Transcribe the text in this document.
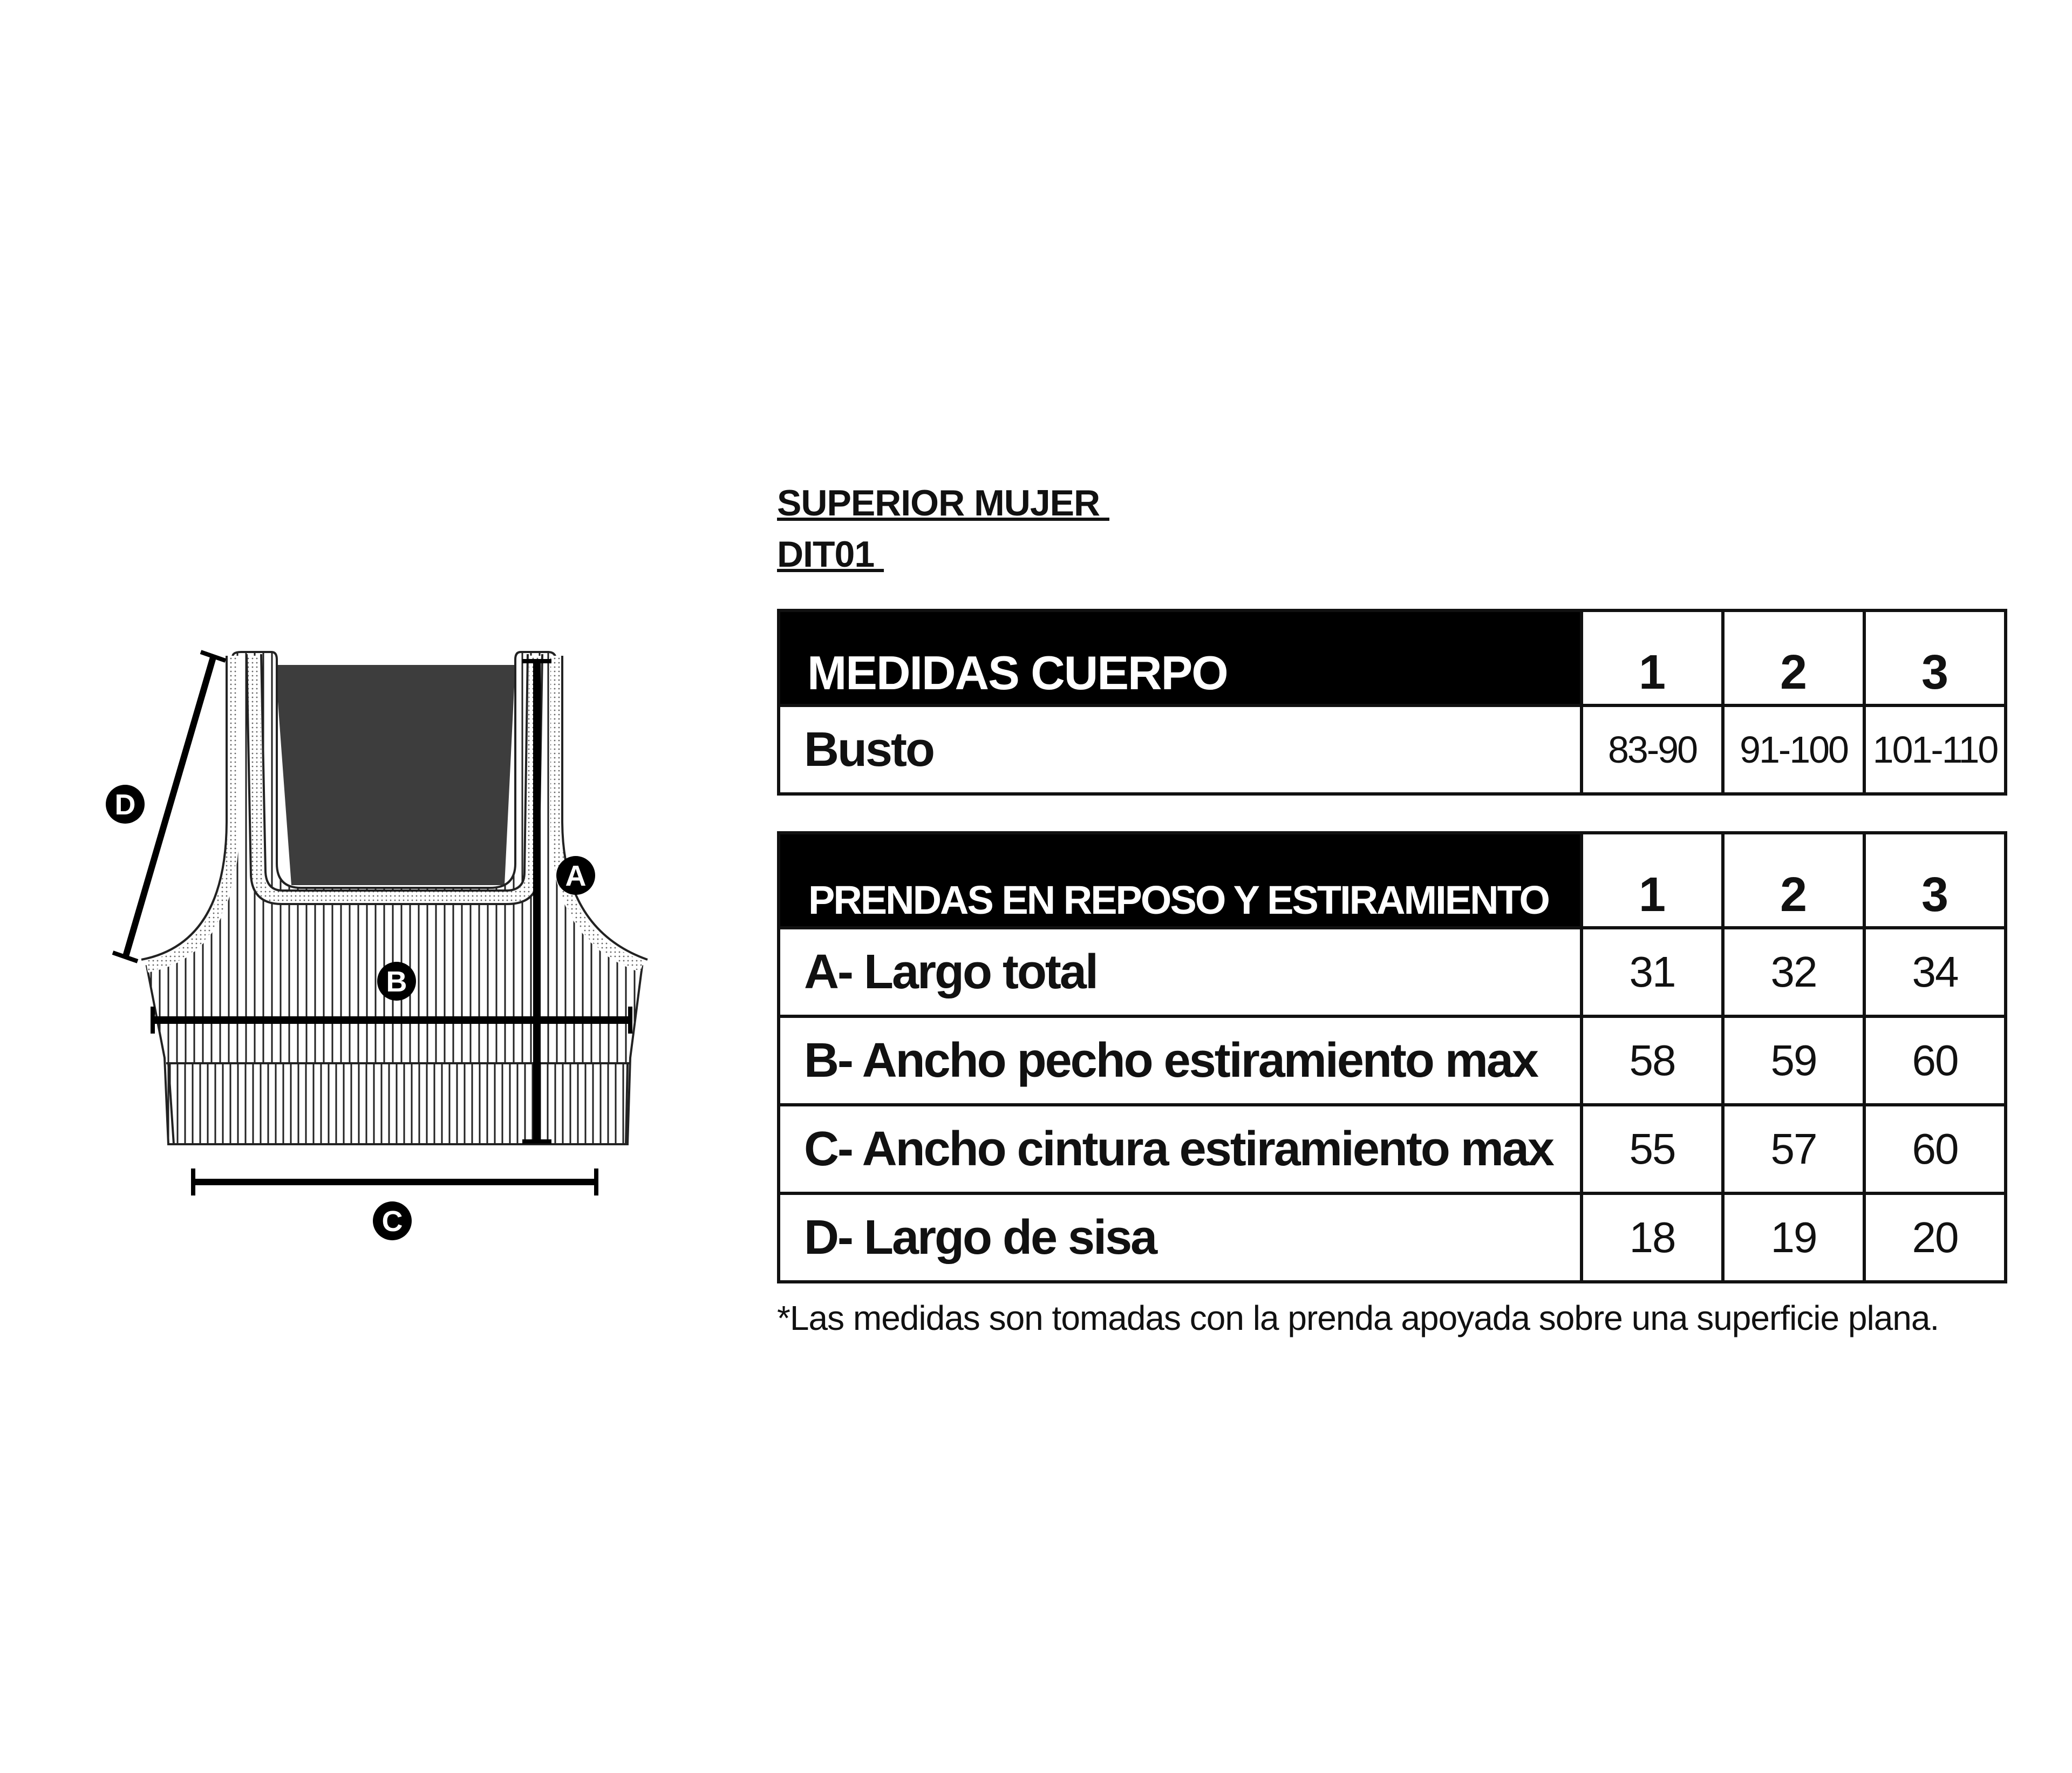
A
B
C
D
SUPERIOR MUJER
DIT01
MEDIDAS CUERPO	1	2	3
Busto	83-90	91-100	101-110
PRENDAS EN REPOSO Y ESTIRAMIENTO	1	2	3
A- Largo total	31	32	34
B- Ancho pecho estiramiento max	58	59	60
C- Ancho cintura estiramiento max	55	57	60
D- Largo de sisa	18	19	20
*Las medidas son tomadas con la prenda apoyada sobre una superficie plana.
